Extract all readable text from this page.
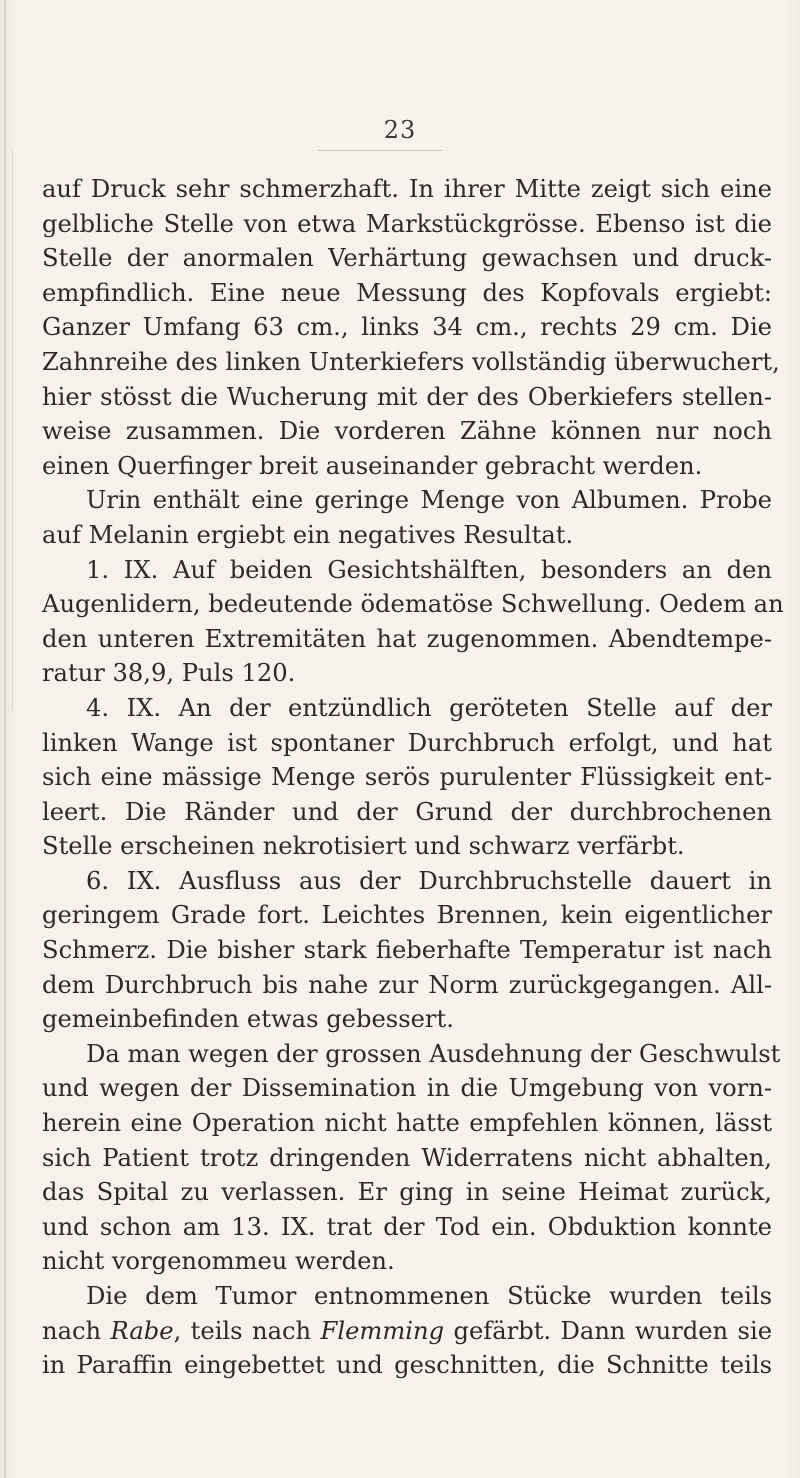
23
auf Druck sehr schmerzhaft. In ihrer Mitte zeigt sich eine
gelbliche Stelle von etwa Markstückgrösse. Ebenso ist die
Stelle der anormalen Verhärtung gewachsen und druck-
empfindlich. Eine neue Messung des Kopfovals ergiebt:
Ganzer Umfang 63 cm., links 34 cm., rechts 29 cm. Die
Zahnreihe des linken Unterkiefers vollständig überwuchert,
hier stösst die Wucherung mit der des Oberkiefers stellen-
weise zusammen. Die vorderen Zähne können nur noch
einen Querfinger breit auseinander gebracht werden.
Urin enthält eine geringe Menge von Albumen. Probe
auf Melanin ergiebt ein negatives Resultat.
1. IX. Auf beiden Gesichtshälften, besonders an den
Augenlidern, bedeutende ödematöse Schwellung. Oedem an
den unteren Extremitäten hat zugenommen. Abendtempe-
ratur 38,9, Puls 120.
4. IX. An der entzündlich geröteten Stelle auf der
linken Wange ist spontaner Durchbruch erfolgt, und hat
sich eine mässige Menge serös purulenter Flüssigkeit ent-
leert. Die Ränder und der Grund der durchbrochenen
Stelle erscheinen nekrotisiert und schwarz verfärbt.
6. IX. Ausfluss aus der Durchbruchstelle dauert in
geringem Grade fort. Leichtes Brennen, kein eigentlicher
Schmerz. Die bisher stark fieberhafte Temperatur ist nach
dem Durchbruch bis nahe zur Norm zurückgegangen. All-
gemeinbefinden etwas gebessert.
Da man wegen der grossen Ausdehnung der Geschwulst
und wegen der Dissemination in die Umgebung von vorn-
herein eine Operation nicht hatte empfehlen können, lässt
sich Patient trotz dringenden Widerratens nicht abhalten,
das Spital zu verlassen. Er ging in seine Heimat zurück,
und schon am 13. IX. trat der Tod ein. Obduktion konnte
nicht vorgenommeu werden.
Die dem Tumor entnommenen Stücke wurden teils
nach Rabe, teils nach Flemming gefärbt. Dann wurden sie
in Paraffin eingebettet und geschnitten, die Schnitte teils
